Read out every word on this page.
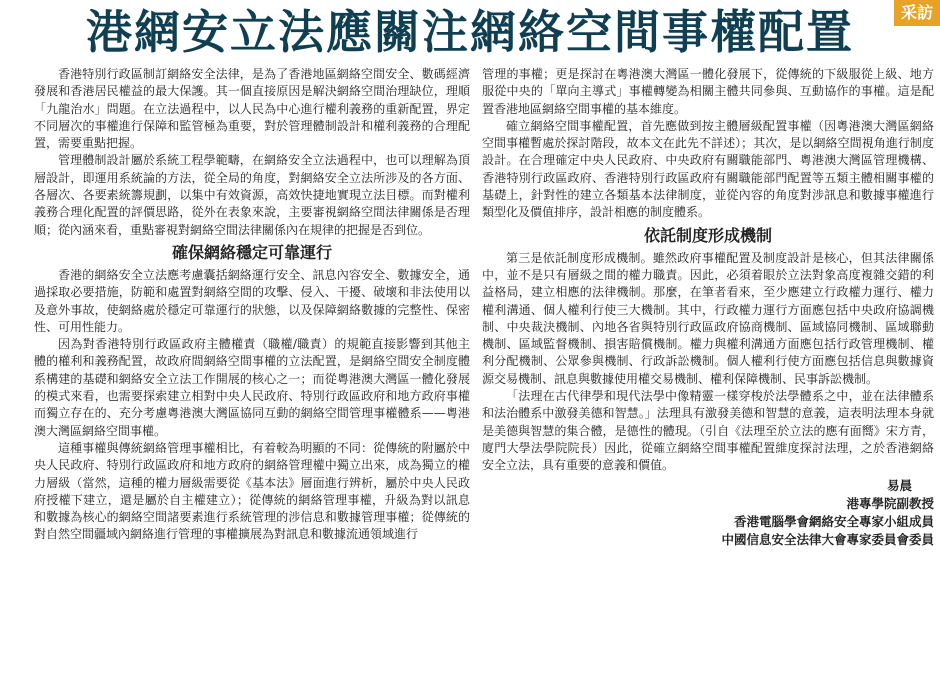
港網安立法應關注網絡空間事權配置	采訪

香港特別行政區制訂網絡安全法律，是為了香港地區網絡空間安全、數碼經濟發展和香港居民權益的最大保護。其一個直接原因是解決網絡空間治理缺位，理順「九龍治水」問題。在立法過程中，以人民為中心進行權利義務的重新配置，界定不同層次的事權進行保障和監管極為重要，對於管理體制設計和權利義務的合理配置，需要重點把握。

管理體制設計屬於系統工程學範疇，在網絡安全立法過程中，也可以理解為頂層設計，即運用系統論的方法，從全局的角度，對網絡安全立法所涉及的各方面、各層次、各要素統籌規劃，以集中有效資源，高效快捷地實現立法目標。而對權利義務合理化配置的評價思路，從外在表象來說，主要審視網絡空間法律關係是否理順；從內涵來看，重點審視對網絡空間法律關係內在規律的把握是否到位。

確保網絡穩定可靠運行

香港的網絡安全立法應考慮囊括網絡運行安全、訊息內容安全、數據安全，通過採取必要措施，防範和處置對網絡空間的攻擊、侵入、干擾、破壞和非法使用以及意外事故，使網絡處於穩定可靠運行的狀態，以及保障網絡數據的完整性、保密性、可用性能力。

因為對香港特別行政區政府主體權責（職權/職責）的規範直接影響到其他主體的權利和義務配置，故政府間網絡空間事權的立法配置，是網絡空間安全制度體系構建的基礎和網絡安全立法工作開展的核心之一；而從粵港澳大灣區一體化發展的模式來看，也需要探索建立相對中央人民政府、特別行政區政府和地方政府事權而獨立存在的、充分考慮粵港澳大灣區協同互動的網絡空間管理事權體系——粵港澳大灣區網絡空間事權。

這種事權與傳統網絡管理事權相比，有着較為明顯的不同：從傳統的附屬於中央人民政府、特別行政區政府和地方政府的網絡管理權中獨立出來，成為獨立的權力層級（當然，這種的權力層級需要從《基本法》層面進行辨析，屬於中央人民政府授權下建立，還是屬於自主權建立）；從傳統的網絡管理事權，升級為對以訊息和數據為核心的網絡空間諸要素進行系統管理的涉信息和數據管理事權；從傳統的對自然空間疆域內網絡進行管理的事權擴展為對訊息和數據流通領域進行

管理的事權；更是探討在粵港澳大灣區一體化發展下，從傳統的下級服從上級、地方服從中央的「單向主導式」事權轉變為相關主體共同參與、互動協作的事權。這是配置香港地區網絡空間事權的基本維度。

確立網絡空間事權配置，首先應做到按主體層級配置事權（因粵港澳大灣區網絡空間事權暫處於探討階段，故本文在此先不詳述）；其次，是以網絡空間視角進行制度設計。在合理確定中央人民政府、中央政府有關職能部門、粵港澳大灣區管理機構、香港特別行政區政府、香港特別行政區政府有關職能部門配置等五類主體相關事權的基礎上，針對性的建立各類基本法律制度，並從內容的角度對涉訊息和數據事權進行類型化及價值排序，設計相應的制度體系。

依託制度形成機制

第三是依託制度形成機制。雖然政府事權配置及制度設計是核心，但其法律關係中，並不是只有層級之間的權力職責。因此，必須着眼於立法對象高度複雜交錯的利益格局，建立相應的法律機制。那麼，在筆者看來，至少應建立行政權力運行、權力權利溝通、個人權利行使三大機制。其中，行政權力運行方面應包括中央政府協調機制、中央裁決機制、內地各省與特別行政區政府協商機制、區域協同機制、區域聯動機制、區域監督機制、損害賠償機制。權力與權利溝通方面應包括行政管理機制、權利分配機制、公眾參與機制、行政訴訟機制。個人權利行使方面應包括信息與數據資源交易機制、訊息與數據使用權交易機制、權利保障機制、民事訴訟機制。

「法理在古代律學和現代法學中像精靈一樣穿梭於法學體系之中，並在法律體系和法治體系中激發美德和智慧。」法理具有激發美德和智慧的意義，這表明法理本身就是美德與智慧的集合體，是德性的體現。（引自《法理至於立法的應有面嚮》宋方青，廈門大學法學院院長）因此，從確立網絡空間事權配置維度探討法理，之於香港網絡安全立法，具有重要的意義和價值。

易晨
港專學院副教授
香港電腦學會網絡安全專家小組成員
中國信息安全法律大會專家委員會委員
